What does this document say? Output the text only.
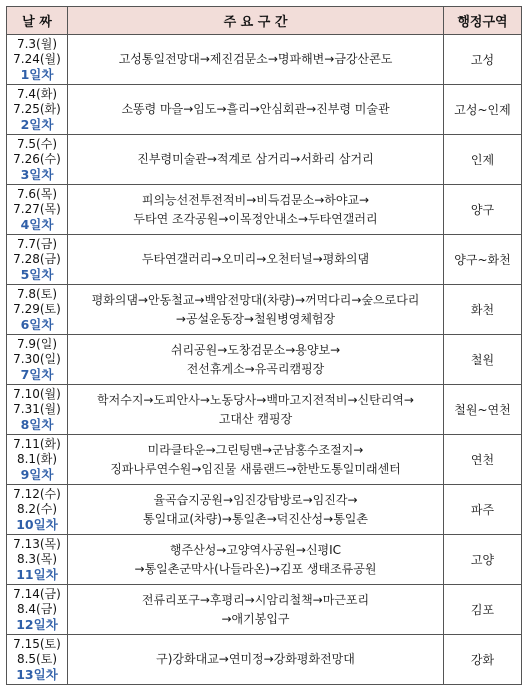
날 짜	주 요 구 간	행정구역

7.3(월)
7.24(월)
1일차	고성통일전망대→제진검문소→명파해변→금강산콘도	고성

7.4(화)
7.25(화)
2일차	소똥령 마을→임도→흘리→안심회관→진부령 미술관	고성~인제

7.5(수)
7.26(수)
3일차	진부령미술관→적계로 삼거리→서화리 삼거리	인제

7.6(목)
7.27(목)
4일차	피의능선전투전적비→비득검문소→하야교→
두타연 조각공원→이목정안내소→두타연갤러리	양구

7.7(금)
7.28(금)
5일차	두타연갤러리→오미리→오천터널→평화의댐	양구~화천

7.8(토)
7.29(토)
6일차	평화의댐→안동철교→백암전망대(차량)→꺼먹다리→숲으로다리
→공설운동장→철원병영체험장	화천

7.9(일)
7.30(일)
7일차	쉬리공원→도창검문소→용양보→
전선휴게소→유곡리캠핑장	철원

7.10(월)
7.31(월)
8일차	학저수지→도피안사→노동당사→백마고지전적비→신탄리역→
고대산 캠핑장	철원~연천

7.11(화)
8.1(화)
9일차	미라클타운→그린팅맨→군남홍수조절지→
징파나루연수원→임진물 새룸랜드→한반도통일미래센터	연천

7.12(수)
8.2(수)
10일차	율곡습지공원→임진강탐방로→임진각→
통일대교(차량)→통일촌→덕진산성→통일촌	파주

7.13(목)
8.3(목)
11일차	행주산성→고양역사공원→신평IC
→통일촌군막사(나들라온)→김포 생태조류공원	고양

7.14(금)
8.4(금)
12일차	전류리포구→후평리→시암리철책→마근포리
→애기봉입구	김포

7.15(토)
8.5(토)
13일차	구)강화대교→연미정→강화평화전망대	강화
